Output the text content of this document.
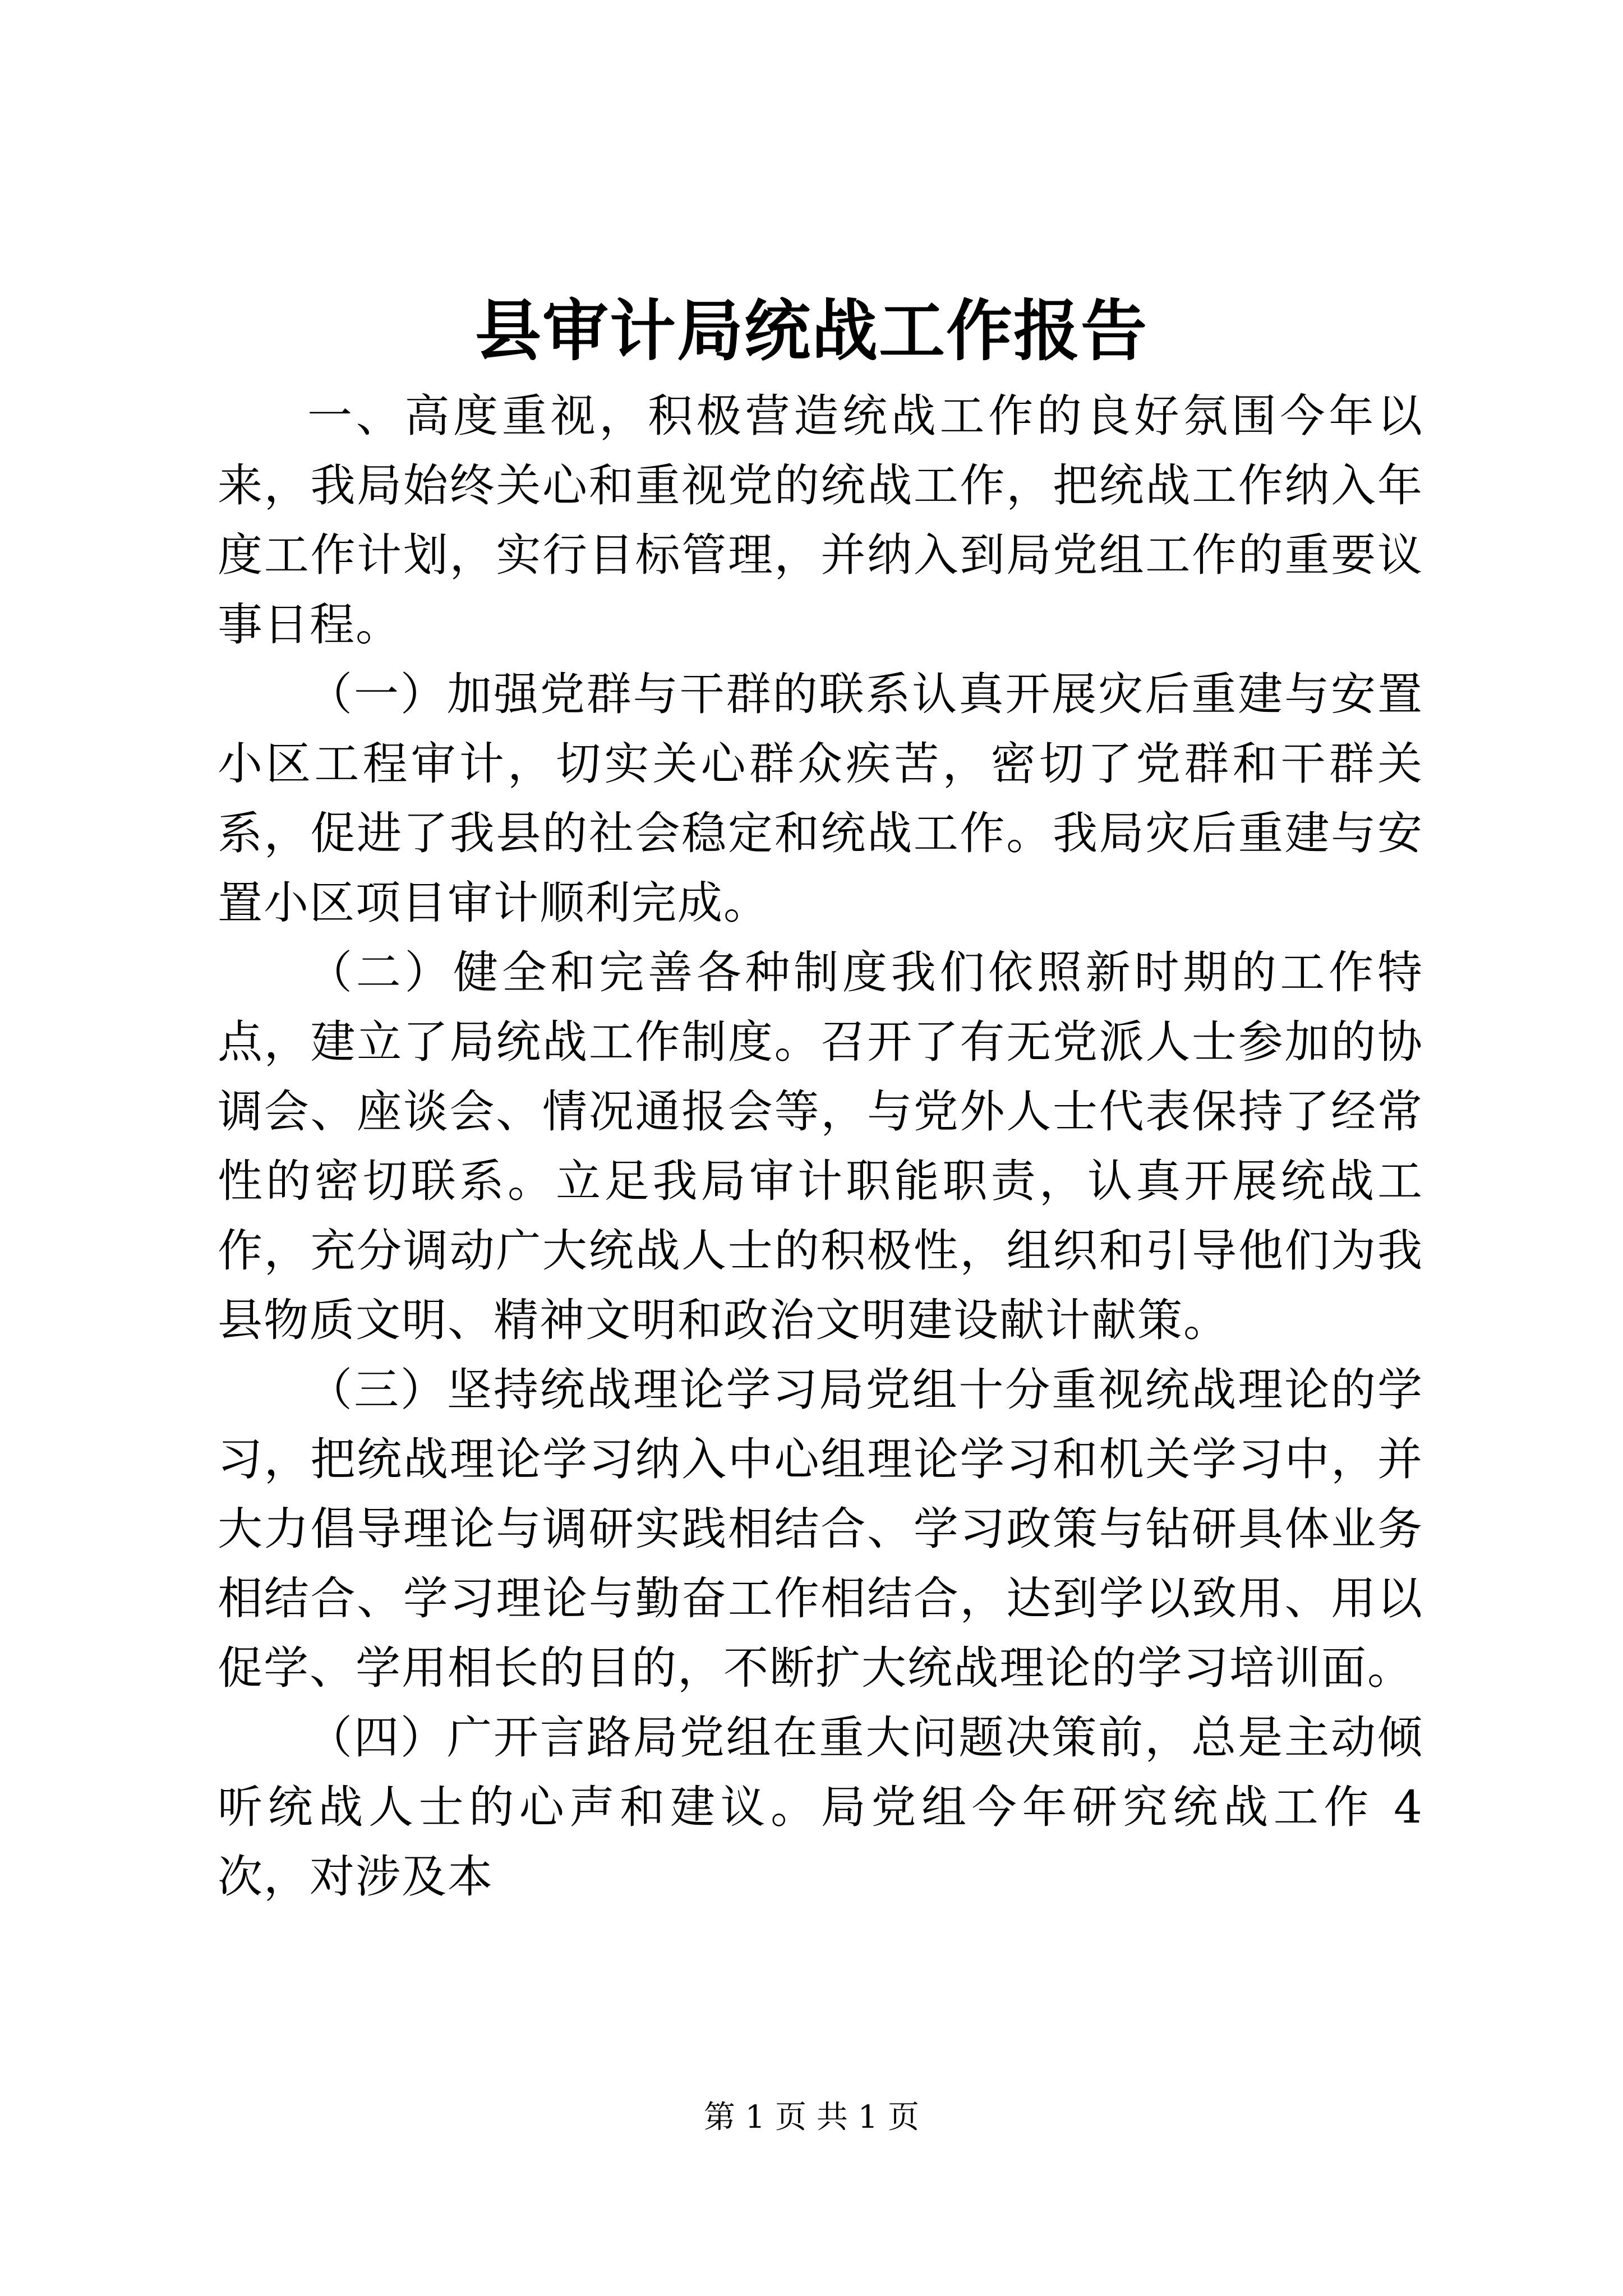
县审计局统战工作报告

一、高度重视，积极营造统战工作的良好氛围今年以来，我局始终关心和重视党的统战工作，把统战工作纳入年度工作计划，实行目标管理，并纳入到局党组工作的重要议事日程。

（一）加强党群与干群的联系认真开展灾后重建与安置小区工程审计，切实关心群众疾苦，密切了党群和干群关系，促进了我县的社会稳定和统战工作。我局灾后重建与安置小区项目审计顺利完成。

（二）健全和完善各种制度我们依照新时期的工作特点，建立了局统战工作制度。召开了有无党派人士参加的协调会、座谈会、情况通报会等，与党外人士代表保持了经常性的密切联系。立足我局审计职能职责，认真开展统战工作，充分调动广大统战人士的积极性，组织和引导他们为我县物质文明、精神文明和政治文明建设献计献策。

（三）坚持统战理论学习局党组十分重视统战理论的学习，把统战理论学习纳入中心组理论学习和机关学习中，并大力倡导理论与调研实践相结合、学习政策与钻研具体业务相结合、学习理论与勤奋工作相结合，达到学以致用、用以促学、学用相长的目的，不断扩大统战理论的学习培训面。

（四）广开言路局党组在重大问题决策前，总是主动倾听统战人士的心声和建议。局党组今年研究统战工作 4 次，对涉及本

第 1 页 共 1 页
